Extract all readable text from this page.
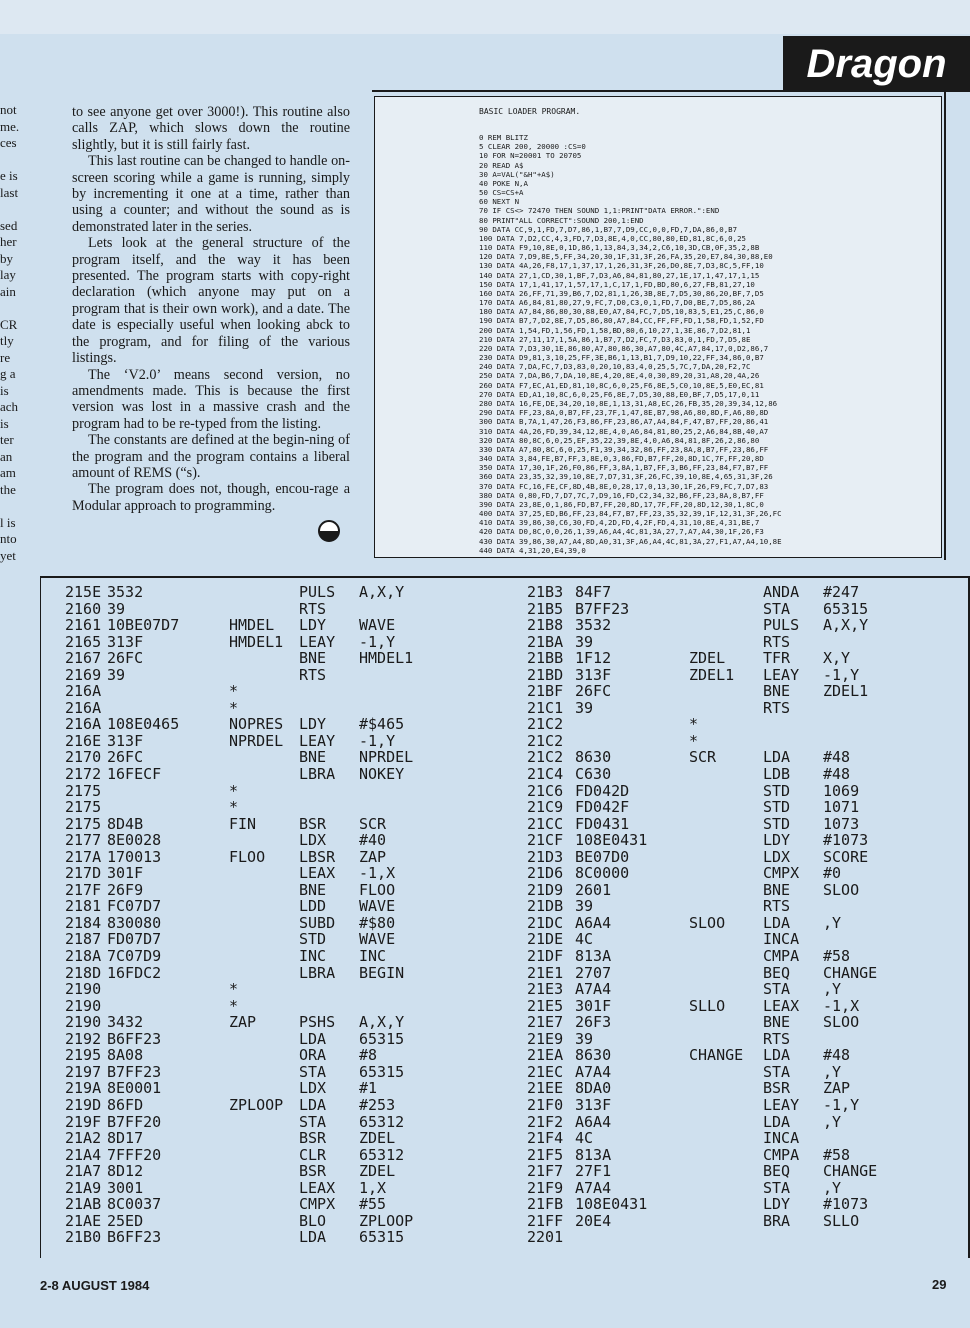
Dragon
not
me.
ces
e is
last
sed
her
by
lay
ain
CR
tly
re
g a
is
ach
is
ter
an
am
the
l is
nto
yet

to see anyone get over 3000!). This routine also calls ZAP, which slows down the routine slightly, but it is still fairly fast.

This last routine can be changed to handle on-screen scoring while a game is running, simply by incrementing it one at a time, rather than using a counter; and without the sound as is demonstrated later in the series.

Lets look at the general structure of the program itself, and the way it has been presented. The program starts with copy-right declaration (which anyone may put on a program that is their own work), and a date. The date is especially useful when looking abck to the program, and for filing of the various listings.

The ‘V2.0’ means second version, no amendments made. This is because the first version was lost in a massive crash and the program had to be re-typed from the listing.

The constants are defined at the begin-ning of the program and the program contains a liberal amount of REMS (“s).

The program does not, though, encou-rage a Modular approach to programming.

BASIC LOADER PROGRAM.
0 REM BLITZ
5 CLEAR 200, 20000 :CS=0
10 FOR N=20001 TO 20705
20 READ A$
30 A=VAL("&H"+A$)
40 POKE N,A
50 CS=CS+A
60 NEXT N
70 IF CS<> 72470 THEN SOUND 1,1:PRINT"DATA ERROR.":END
80 PRINT"ALL CORRECT":SOUND 200,1:END
90 DATA CC,9,1,FD,7,D7,86,1,B7,7,D9,CC,0,0,FD,7,DA,86,0,B7
100 DATA 7,D2,CC,4,3,FD,7,D3,8E,4,0,CC,80,80,ED,81,8C,6,0,25
110 DATA F9,10,8E,0,1D,86,1,13,84,3,34,2,C6,10,3D,CB,0F,35,2,8B
120 DATA 7,D9,8E,5,FF,34,20,30,1F,31,3F,26,FA,35,20,E7,84,30,88,E0
130 DATA 4A,26,F8,17,1,37,17,1,26,31,3F,26,D0,8E,7,D3,8C,5,FF,10
140 DATA 27,1,CD,30,1,BF,7,D3,A6,84,81,80,27,1E,17,1,47,17,1,15
150 DATA 17,1,41,17,1,57,17,1,C,17,1,FD,BD,80,6,27,FB,81,27,10
160 DATA 26,FF,71,39,B6,7,D2,81,1,26,3B,8E,7,D5,30,86,20,BF,7,D5
170 DATA A6,84,81,80,27,9,FC,7,D0,C3,0,1,FD,7,D0,BE,7,D5,86,2A
180 DATA A7,84,86,80,30,88,E0,A7,84,FC,7,D5,10,83,5,E1,25,C,86,0
190 DATA B7,7,D2,8E,7,D5,86,80,A7,84,CC,FF,FF,FD,1,58,FD,1,52,FD
200 DATA 1,54,FD,1,56,FD,1,58,BD,80,6,10,27,1,3E,86,7,D2,81,1
210 DATA 27,11,17,1,5A,86,1,B7,7,D2,FC,7,D3,83,0,1,FD,7,D5,8E
220 DATA 7,D3,30,1E,86,80,A7,80,86,30,A7,80,4C,A7,84,17,0,D2,86,7
230 DATA D9,81,3,10,25,FF,3E,B6,1,13,B1,7,D9,10,22,FF,34,86,0,B7
240 DATA 7,DA,FC,7,D3,83,0,20,10,83,4,0,25,5,7C,7,DA,20,F2,7C
250 DATA 7,DA,B6,7,DA,10,8E,4,20,8E,4,0,30,89,20,31,A8,20,4A,26
260 DATA F7,EC,A1,ED,81,10,8C,6,0,25,F6,8E,5,C0,10,8E,5,E0,EC,81
270 DATA ED,A1,10,8C,6,0,25,F6,8E,7,D5,30,88,E0,BF,7,D5,17,0,11
280 DATA 16,FE,DE,34,20,10,8E,1,13,31,A8,EC,26,FB,35,20,39,34,12,86
290 DATA FF,23,8A,0,B7,FF,23,7F,1,47,8E,B7,98,A6,80,8D,F,A6,80,8D
300 DATA B,7A,1,47,26,F3,86,FF,23,86,A7,A4,84,F,47,B7,FF,20,86,41
310 DATA 4A,26,FD,39,34,12,8E,4,0,A6,84,81,80,25,2,A6,84,8B,40,A7
320 DATA 80,8C,6,0,25,EF,35,22,39,8E,4,0,A6,84,81,8F,26,2,86,80
330 DATA A7,80,8C,6,0,25,F1,39,34,32,86,FF,23,8A,8,B7,FF,23,86,FF
340 DATA 3,84,FE,B7,FF,3,8E,0,3,86,FD,B7,FF,20,8D,1C,7F,FF,20,8D
350 DATA 17,30,1F,26,F0,86,FF,3,8A,1,B7,FF,3,B6,FF,23,84,F7,B7,FF
360 DATA 23,35,32,39,10,8E,7,D7,31,3F,26,FC,39,10,8E,4,65,31,3F,26
370 DATA FC,16,FE,CF,8D,4B,8E,0,28,17,0,13,30,1F,26,F9,FC,7,D7,83
380 DATA 0,80,FD,7,D7,7C,7,D9,16,FD,C2,34,32,B6,FF,23,8A,8,B7,FF
390 DATA 23,8E,0,1,86,FD,B7,FF,20,8D,17,7F,FF,20,8D,12,30,1,8C,0
400 DATA 37,25,ED,B6,FF,23,84,F7,B7,FF,23,35,32,39,1F,12,31,3F,26,FC
410 DATA 39,86,30,C6,30,FD,4,2D,FD,4,2F,FD,4,31,10,8E,4,31,BE,7
420 DATA D0,8C,0,0,26,1,39,A6,A4,4C,81,3A,27,7,A7,A4,30,1F,26,F3
430 DATA 39,86,30,A7,A4,8D,A0,31,3F,A6,A4,4C,81,3A,27,F1,A7,A4,10,8E
440 DATA 4,31,20,E4,39,0
215E 3532	PULS A,X,Y
2160 39	RTS
2161 10BE07D7	HMDEL LDY WAVE
2165 313F	HMDEL1 LEAY -1,Y
2167 26FC	BNE HMDEL1
2169 39	RTS
216A	*
216A	*
216A 108E0465	NOPRES LDY #$465
216E 313F	NPRDEL LEAY -1,Y
2170 26FC	BNE NPRDEL
2172 16FECF	LBRA NOKEY
2175	*
2175	*
2175 8D4B	FIN	BSR SCR
2177 8E0028	LDX #40
217A 170013	FLOO LBSR ZAP
217D 301F	LEAX -1,X
217F 26F9	BNE FLOO
2181 FC07D7	LDD WAVE
2184 830080	SUBD #$80
2187 FD07D7	STD WAVE
218A 7C07D9	INC INC
218D 16FDC2	LBRA BEGIN
2190	*
2190	*
2190 3432	ZAP	PSHS A,X,Y
2192 B6FF23	LDA 65315
2195 8A08	ORA #8
2197 B7FF23	STA 65315
219A 8E0001	LDX #1
219D 86FD	ZPLOOP LDA #253
219F B7FF20	STA 65312
21A2 8D17	BSR ZDEL
21A4 7FFF20	CLR 65312
21A7 8D12	BSR ZDEL
21A9 3001	LEAX 1,X
21AB 8C0037	CMPX #55
21AE 25ED	BLO ZPLOOP
21B0 B6FF23	LDA 65315
21B3 84F7	ANDA #247
21B5 B7FF23	STA 65315
21B8 3532	PULS A,X,Y
21BA 39	RTS
21BB 1F12	ZDEL	TFR X,Y
21BD 313F	ZDEL1 LEAY -1,Y
21BF 26FC	BNE ZDEL1
21C1 39	RTS
21C2	*
21C2	*
21C2 8630	SCR	LDA #48
21C4 C630	LDB #48
21C6 FD042D	STD 1069
21C9 FD042F	STD 1071
21CC FD0431	STD 1073
21CF 108E0431	LDY #1073
21D3 BE07D0	LDX SCORE
21D6 8C0000	CMPX #0
21D9 2601	BNE SLOO
21DB 39	RTS
21DC A6A4	SLOO	LDA ,Y
21DE 4C	INCA
21DF 813A	CMPA #58
21E1 2707	BEQ CHANGE
21E3 A7A4	STA ,Y
21E5 301F	SLLO	LEAX -1,X
21E7 26F3	BNE SLOO
21E9 39	RTS
21EA 8630	CHANGE LDA #48
21EC A7A4	STA ,Y
21EE 8DA0	BSR ZAP
21F0 313F	LEAY -1,Y
21F2 A6A4	LDA ,Y
21F4 4C	INCA
21F5 813A	CMPA #58
21F7 27F1	BEQ CHANGE
21F9 A7A4	STA ,Y
21FB 108E0431	LDY #1073
21FF 20E4	BRA SLLO
2201
2-8 AUGUST 1984	29
